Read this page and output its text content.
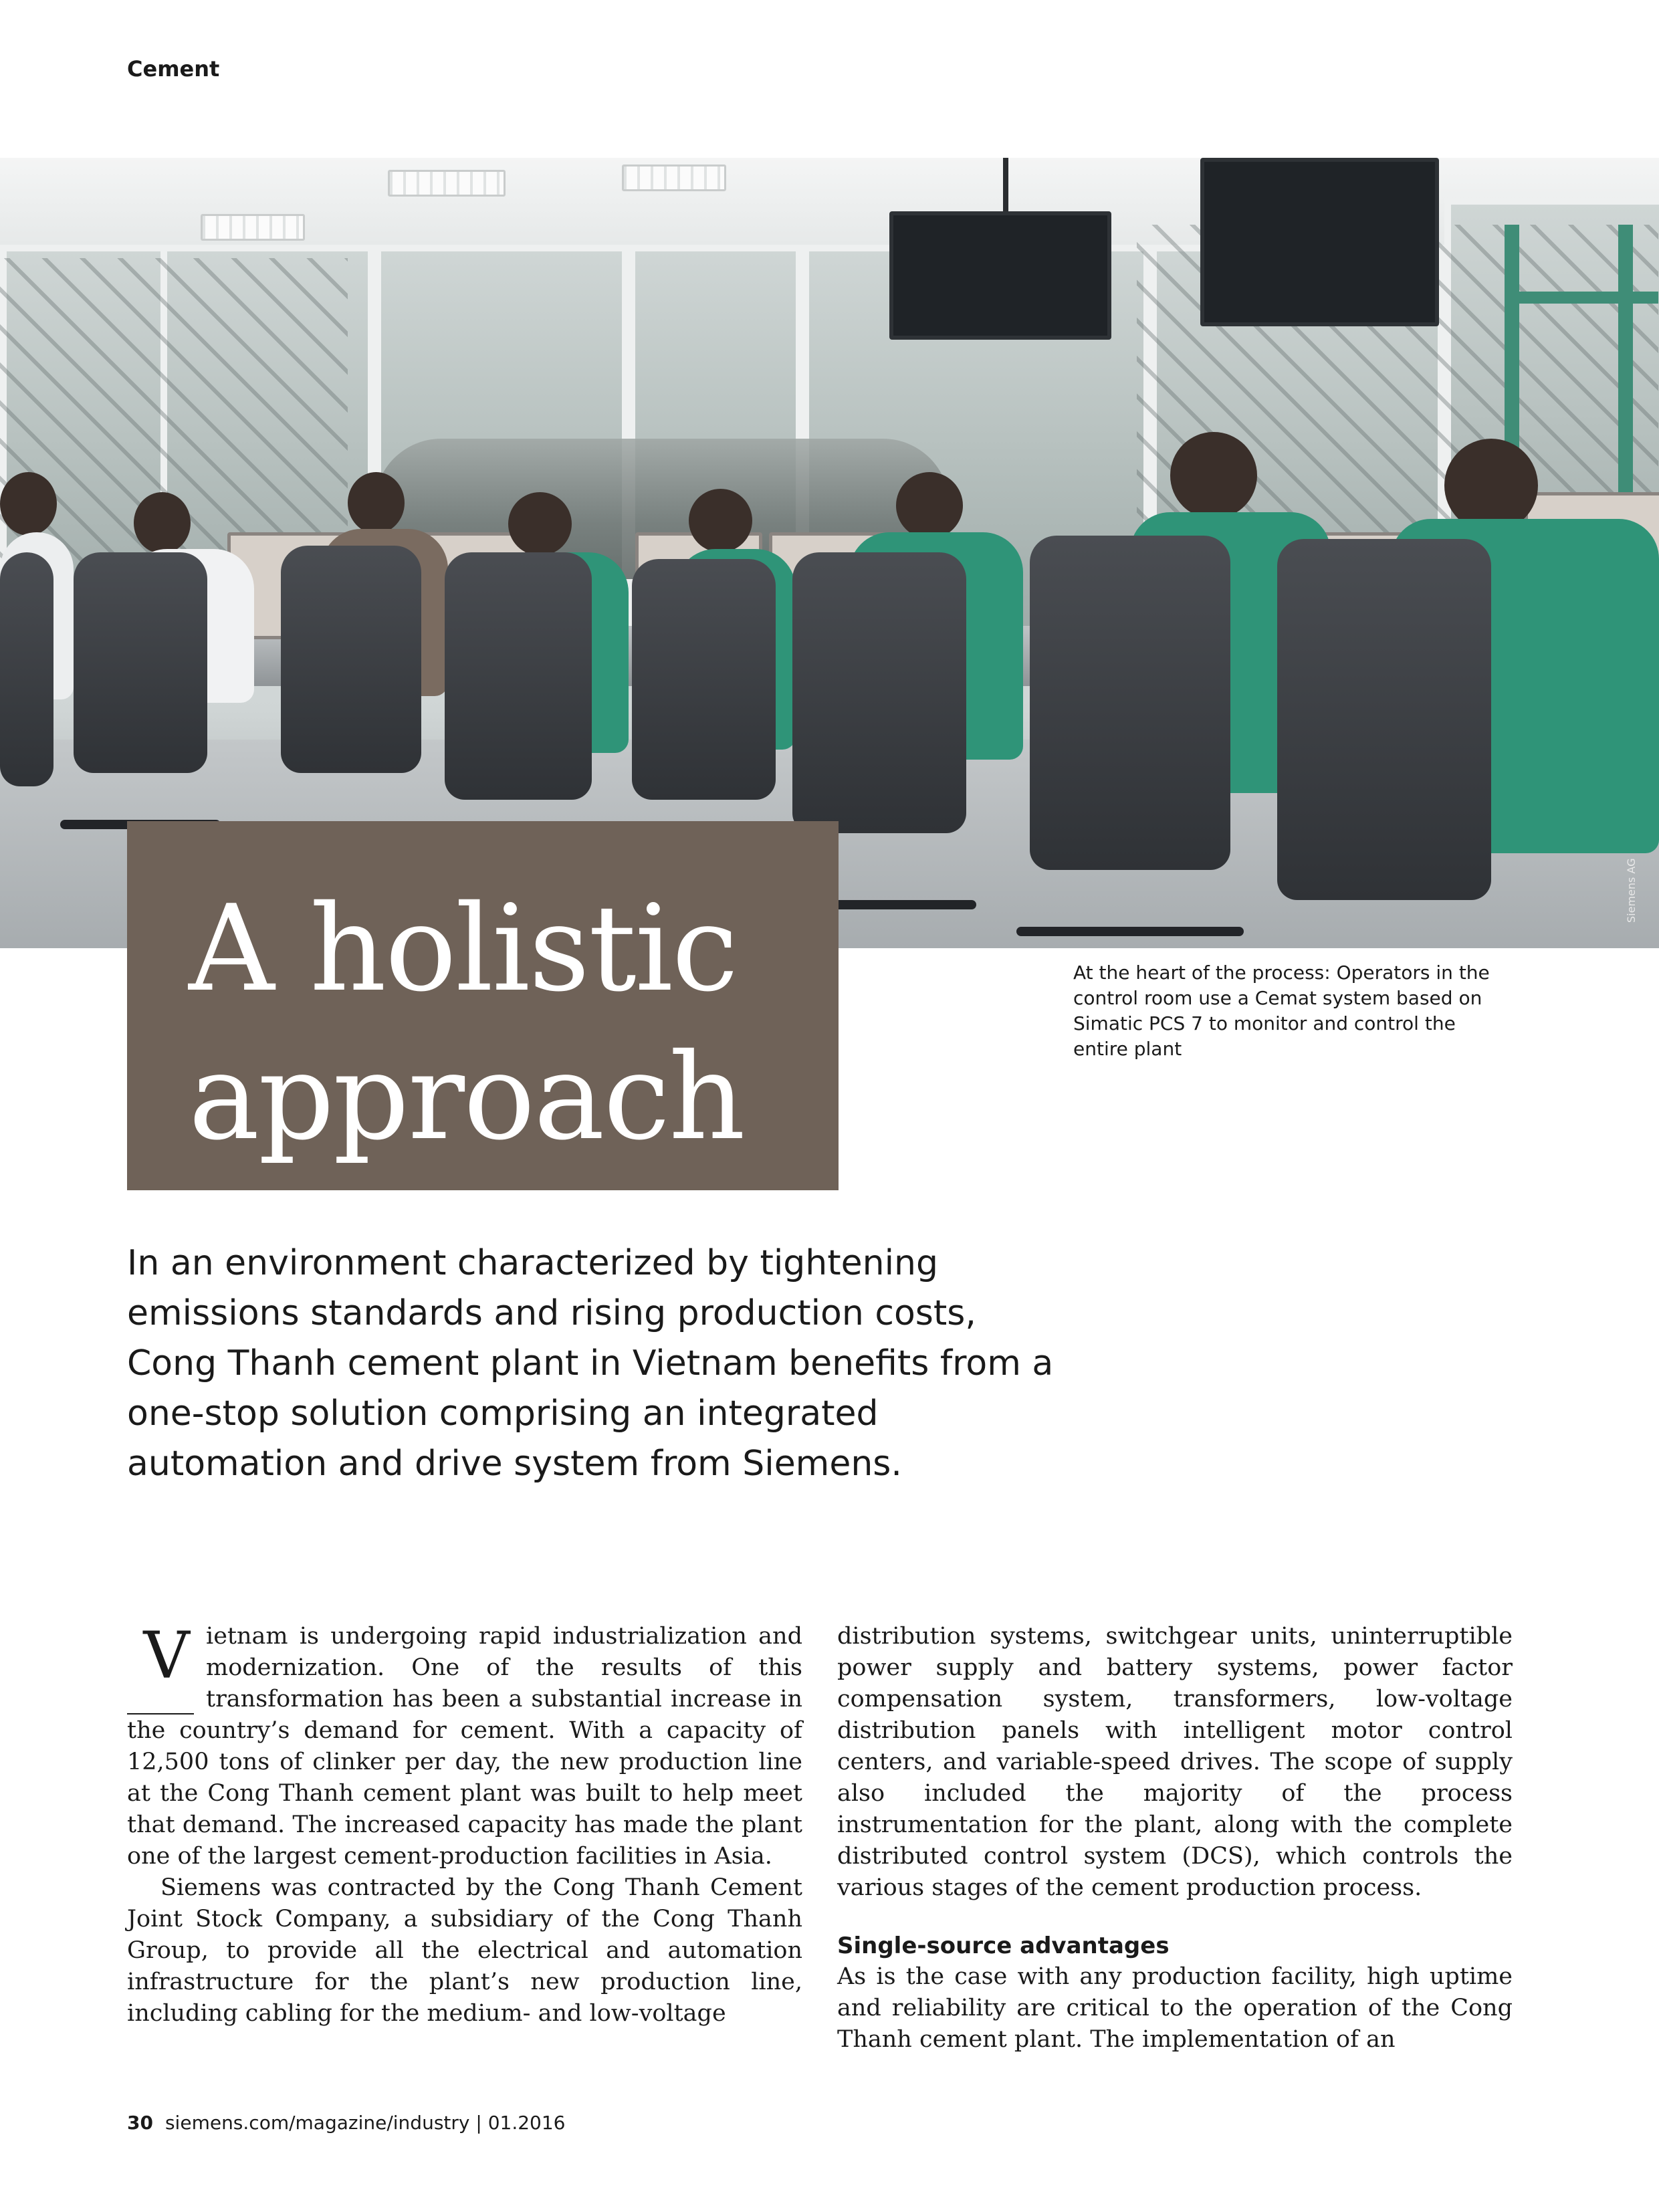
Cement
Siemens AG
A holistic
approach
At the heart of the process: Operators in the control room use a Cemat system based on Simatic PCS 7 to monitor and control the entire plant
In an environment characterized by tightening emissions standards and rising production costs, Cong Thanh cement plant in Vietnam benefits from a one-stop solution comprising an integrated automation and drive system from Siemens.

Vietnam is undergoing rapid industrialization and modernization. One of the results of this transformation has been a substantial increase in the country’s demand for cement. With a capacity of 12,500 tons of clinker per day, the new production line at the Cong Thanh cement plant was built to help meet that demand. The increased capacity has made the plant one of the largest cement-production facilities in Asia.

Siemens was contracted by the Cong Thanh Cement Joint Stock Company, a subsidiary of the Cong Thanh Group, to provide all the electrical and automation infrastructure for the plant’s new production line, including cabling for the medium- and low-voltage

distribution systems, switchgear units, uninterruptible power supply and battery systems, power factor compensation system, transformers, low-voltage distribution panels with intelligent motor control centers, and variable-speed drives. The scope of supply also included the majority of the process instrumentation for the plant, along with the complete distributed control system (DCS), which controls the various stages of the cement production process.

Single-source advantages

As is the case with any production facility, high uptime and reliability are critical to the operation of the Cong Thanh cement plant. The implementation of an

30 siemens.com/magazine/industry | 01.2016
